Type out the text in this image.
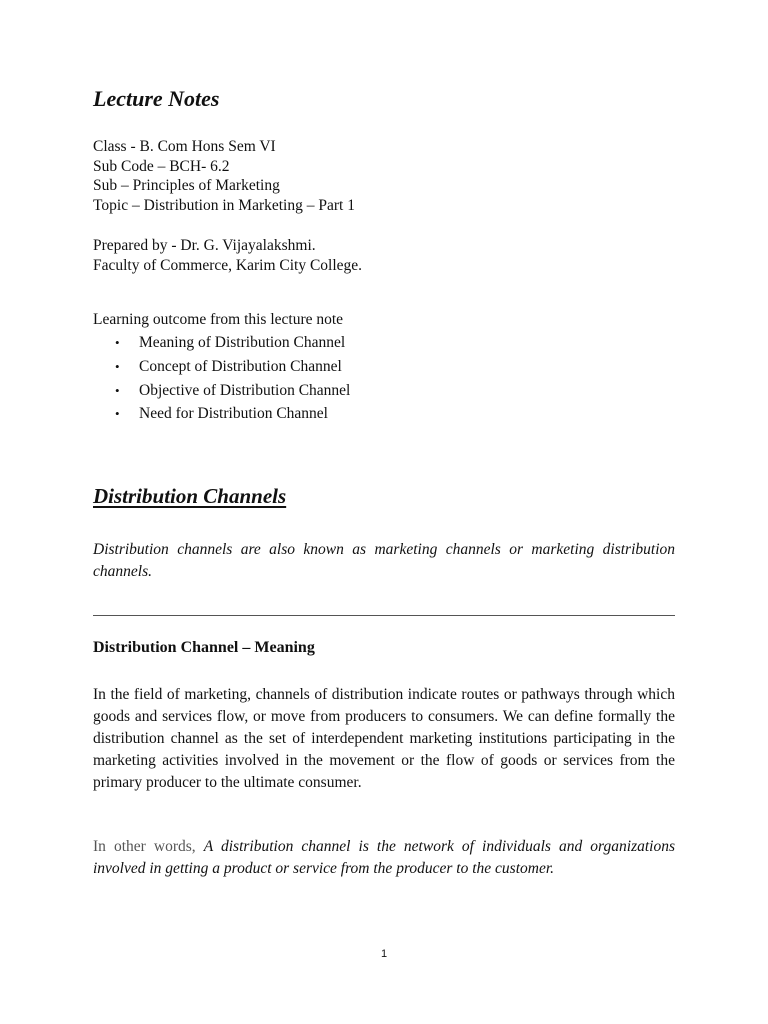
Lecture Notes
Class - B. Com Hons Sem VI
Sub Code – BCH- 6.2
Sub – Principles of Marketing
Topic – Distribution in Marketing – Part 1
Prepared by - Dr. G. Vijayalakshmi.
Faculty of Commerce, Karim City College.
Learning outcome from this lecture note
• Meaning of Distribution Channel
• Concept of Distribution Channel
• Objective of Distribution Channel
• Need for Distribution Channel
Distribution Channels

Distribution channels are also known as marketing channels or marketing distribution channels.

Distribution Channel – Meaning

In the field of marketing, channels of distribution indicate routes or pathways through which goods and services flow, or move from producers to consumers. We can define formally the distribution channel as the set of interdependent marketing institutions participating in the marketing activities involved in the movement or the flow of goods or services from the primary producer to the ultimate consumer.

In other words, A distribution channel is the network of individuals and organizations involved in getting a product or service from the producer to the customer.

1
